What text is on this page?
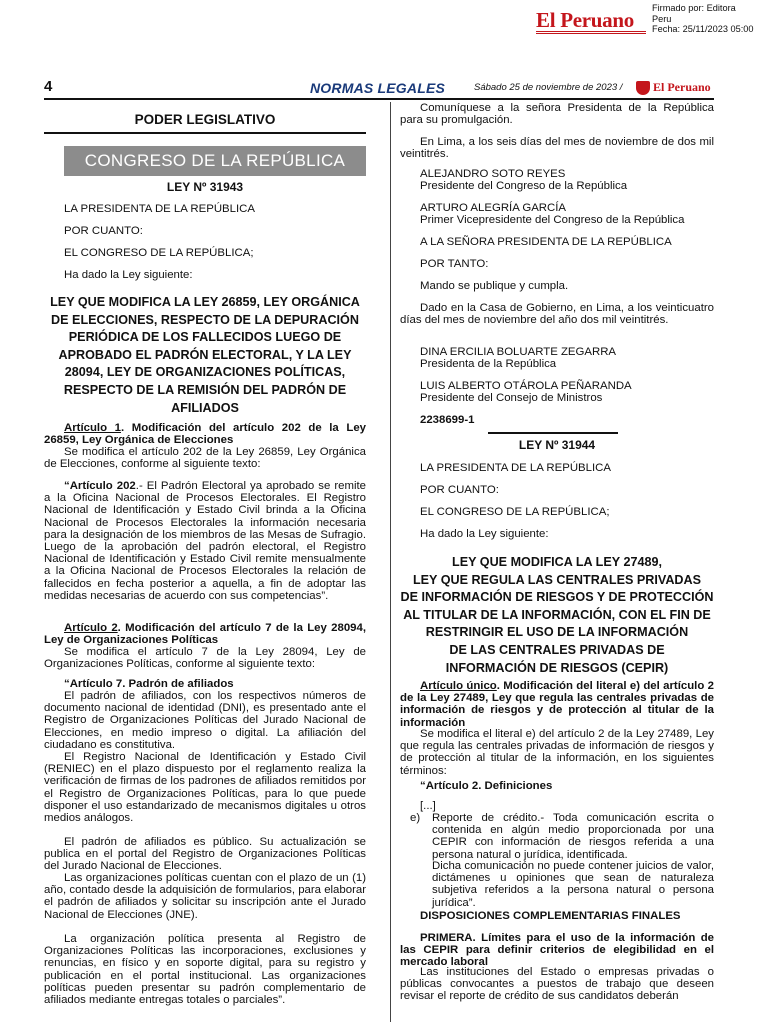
El Peruano Firmado por: Editora
Peru
Fecha: 25/11/2023 05:00
4	NORMAS LEGALES	Sábado 25 de noviembre de 2023 /	El Peruano
PODER LEGISLATIVO
CONGRESO DE LA REPÚBLICA
LEY Nº 31943
LA PRESIDENTA DE LA REPÚBLICA
POR CUANTO:
EL CONGRESO DE LA REPÚBLICA;
Ha dado la Ley siguiente:
LEY QUE MODIFICA LA LEY 26859, LEY ORGÁNICA DE ELECCIONES, RESPECTO DE LA DEPURACIÓN PERIÓDICA DE LOS FALLECIDOS LUEGO DE APROBADO EL PADRÓN ELECTORAL, Y LA LEY 28094, LEY DE ORGANIZACIONES POLÍTICAS, RESPECTO DE LA REMISIÓN DEL PADRÓN DE AFILIADOS
Artículo 1. Modificación del artículo 202 de la Ley 26859, Ley Orgánica de Elecciones
Se modifica el artículo 202 de la Ley 26859, Ley Orgánica de Elecciones, conforme al siguiente texto:
“Artículo 202.- El Padrón Electoral ya aprobado se remite a la Oficina Nacional de Procesos Electorales. El Registro Nacional de Identificación y Estado Civil brinda a la Oficina Nacional de Procesos Electorales la información necesaria para la designación de los miembros de las Mesas de Sufragio. Luego de la aprobación del padrón electoral, el Registro Nacional de Identificación y Estado Civil remite mensualmente a la Oficina Nacional de Procesos Electorales la relación de fallecidos en fecha posterior a aquella, a fin de adoptar las medidas necesarias de acuerdo con sus competencias”.
Artículo 2. Modificación del artículo 7 de la Ley 28094, Ley de Organizaciones Políticas
Se modifica el artículo 7 de la Ley 28094, Ley de Organizaciones Políticas, conforme al siguiente texto:
“Artículo 7. Padrón de afiliados
El padrón de afiliados, con los respectivos números de documento nacional de identidad (DNI), es presentado ante el Registro de Organizaciones Políticas del Jurado Nacional de Elecciones, en medio impreso o digital. La afiliación del ciudadano es constitutiva.
El Registro Nacional de Identificación y Estado Civil (RENIEC) en el plazo dispuesto por el reglamento realiza la verificación de firmas de los padrones de afiliados remitidos por el Registro de Organizaciones Políticas, para lo que puede disponer el uso estandarizado de mecanismos digitales u otros medios análogos.
El padrón de afiliados es público. Su actualización se publica en el portal del Registro de Organizaciones Políticas del Jurado Nacional de Elecciones.
Las organizaciones políticas cuentan con el plazo de un (1) año, contado desde la adquisición de formularios, para elaborar el padrón de afiliados y solicitar su inscripción ante el Jurado Nacional de Elecciones (JNE).
La organización política presenta al Registro de Organizaciones Políticas las incorporaciones, exclusiones y renuncias, en físico y en soporte digital, para su registro y publicación en el portal institucional. Las organizaciones políticas pueden presentar su padrón complementario de afiliados mediante entregas totales o parciales”.
Comuníquese a la señora Presidenta de la República para su promulgación.
En Lima, a los seis días del mes de noviembre de dos mil veintitrés.
ALEJANDRO SOTO REYES
Presidente del Congreso de la República
ARTURO ALEGRÍA GARCÍA
Primer Vicepresidente del Congreso de la República
A LA SEÑORA PRESIDENTA DE LA REPÚBLICA
POR TANTO:
Mando se publique y cumpla.
Dado en la Casa de Gobierno, en Lima, a los veinticuatro días del mes de noviembre del año dos mil veintitrés.
DINA ERCILIA BOLUARTE ZEGARRA
Presidenta de la República
LUIS ALBERTO OTÁROLA PEÑARANDA
Presidente del Consejo de Ministros
2238699-1
LEY Nº 31944
LA PRESIDENTA DE LA REPÚBLICA
POR CUANTO:
EL CONGRESO DE LA REPÚBLICA;
Ha dado la Ley siguiente:
LEY QUE MODIFICA LA LEY 27489,
LEY QUE REGULA LAS CENTRALES PRIVADAS
DE INFORMACIÓN DE RIESGOS Y DE PROTECCIÓN
AL TITULAR DE LA INFORMACIÓN, CON EL FIN DE
RESTRINGIR EL USO DE LA INFORMACIÓN
DE LAS CENTRALES PRIVADAS DE
INFORMACIÓN DE RIESGOS (CEPIR)
Artículo único. Modificación del literal e) del artículo 2 de la Ley 27489, Ley que regula las centrales privadas de información de riesgos y de protección al titular de la información
Se modifica el literal e) del artículo 2 de la Ley 27489, Ley que regula las centrales privadas de información de riesgos y de protección al titular de la información, en los siguientes términos:
“Artículo 2. Definiciones
[...]
e)	Reporte de crédito.- Toda comunicación escrita o contenida en algún medio proporcionada por una CEPIR con información de riesgos referida a una persona natural o jurídica, identificada.
Dicha comunicación no puede contener juicios de valor, dictámenes u opiniones que sean de naturaleza subjetiva referidos a la persona natural o persona jurídica”.
DISPOSICIONES COMPLEMENTARIAS FINALES
PRIMERA. Límites para el uso de la información de las CEPIR para definir criterios de elegibilidad en el mercado laboral
Las instituciones del Estado o empresas privadas o públicas convocantes a puestos de trabajo que deseen revisar el reporte de crédito de sus candidatos deberán
